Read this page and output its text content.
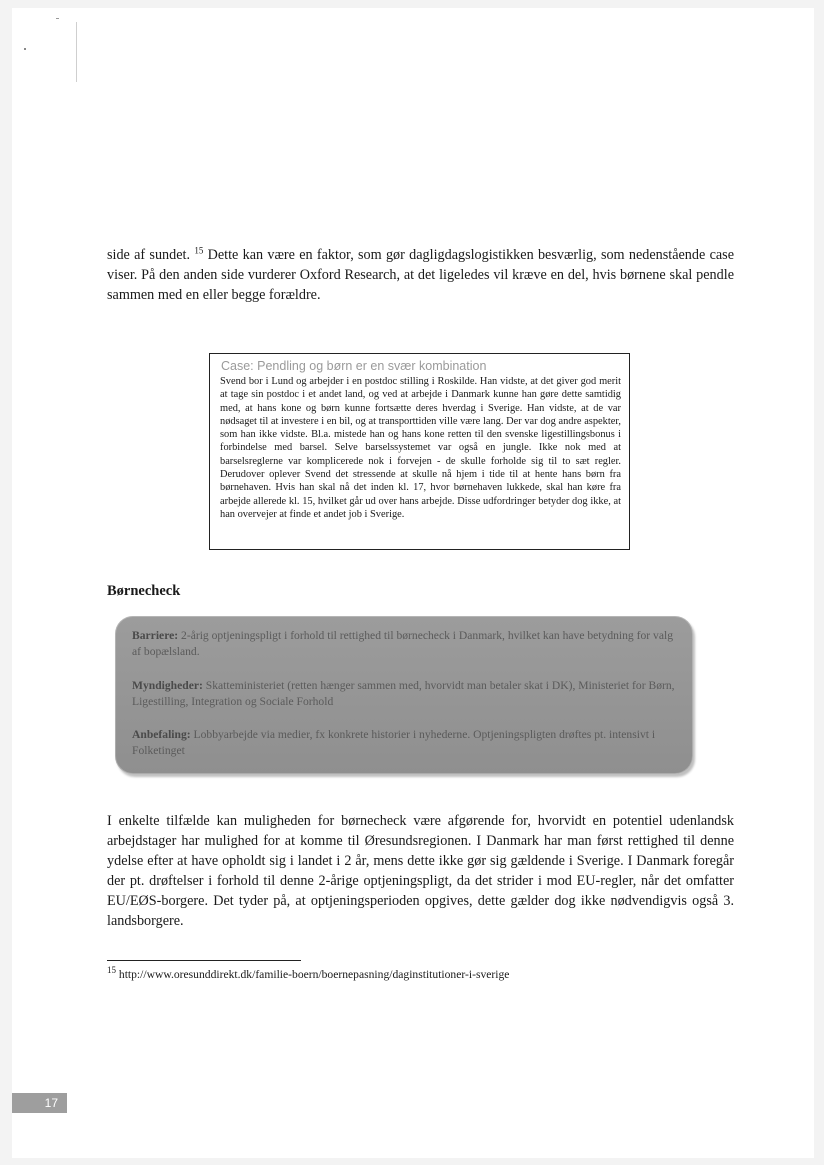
side af sundet. $^{15}$ Dette kan være en faktor, som gør dagligdagslogistikken besværlig, som nedenstående case viser. På den anden side vurderer Oxford Research, at det ligeledes vil kræve en del, hvis børnene skal pendle sammen med en eller begge forældre.

Case: Pendling og børn er en svær kombination
Svend bor i Lund og arbejder i en postdoc stilling i Roskilde. Han vidste, at det giver god merit at tage sin postdoc i et andet land, og ved at arbejde i Danmark kunne han gøre dette samtidig med, at hans kone og børn kunne fortsætte deres hverdag i Sverige. Han vidste, at de var nødsaget til at investere i en bil, og at transporttiden ville være lang. Der var dog andre aspekter, som han ikke vidste. Bl.a. mistede han og hans kone retten til den svenske ligestillingsbonus i forbindelse med barsel. Selve barselssystemet var også en jungle. Ikke nok med at barselsreglerne var komplicerede nok i forvejen - de skulle forholde sig til to sæt regler. Derudover oplever Svend det stressende at skulle nå hjem i tide til at hente hans børn fra børnehaven. Hvis han skal nå det inden kl. 17, hvor børnehaven lukkede, skal han køre fra arbejde allerede kl. 15, hvilket går ud over hans arbejde. Disse udfordringer betyder dog ikke, at han overvejer at finde et andet job i Sverige.
Børnecheck

Barriere: 2-årig optjeningspligt i forhold til rettighed til børnecheck i Danmark, hvilket kan have betydning for valg af bopælsland.

Myndigheder: Skatteministeriet (retten hænger sammen med, hvorvidt man betaler skat i DK), Ministeriet for Børn, Ligestilling, Integration og Sociale Forhold

Anbefaling: Lobbyarbejde via medier, fx konkrete historier i nyhederne. Optjeningspligten drøftes pt. intensivt i Folketinget

I enkelte tilfælde kan muligheden for børnecheck være afgørende for, hvorvidt en potentiel udenlandsk arbejdstager har mulighed for at komme til Øresundsregionen. I Danmark har man først rettighed til denne ydelse efter at have opholdt sig i landet i 2 år, mens dette ikke gør sig gældende i Sverige. I Danmark foregår der pt. drøftelser i forhold til denne 2-årige optjeningspligt, da det strider i mod EU-regler, når det omfatter EU/EØS-borgere. Det tyder på, at optjeningsperioden opgives, dette gælder dog ikke nødvendigvis også 3. landsborgere.

$^{15}$ http://www.oresunddirekt.dk/familie-boern/boernepasning/daginstitutioner-i-sverige

17
